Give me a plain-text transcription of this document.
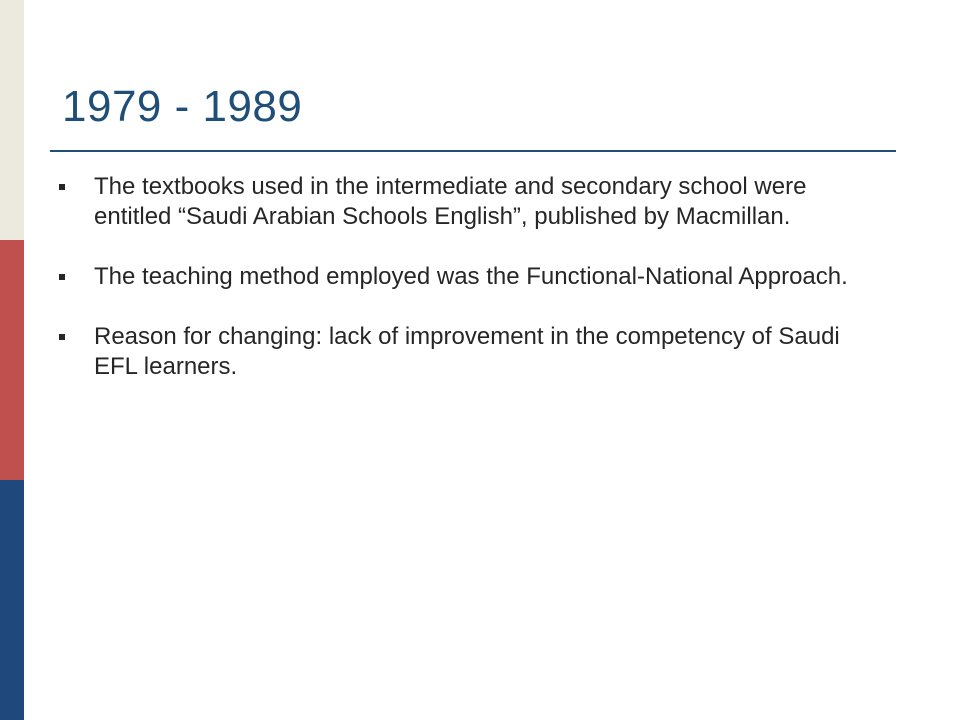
1979 - 1989
The textbooks used in the intermediate and secondary school were entitled “Saudi Arabian Schools English”, published by Macmillan.
The teaching method employed was the Functional-National Approach.
Reason for changing: lack of improvement in the competency of Saudi EFL learners.
